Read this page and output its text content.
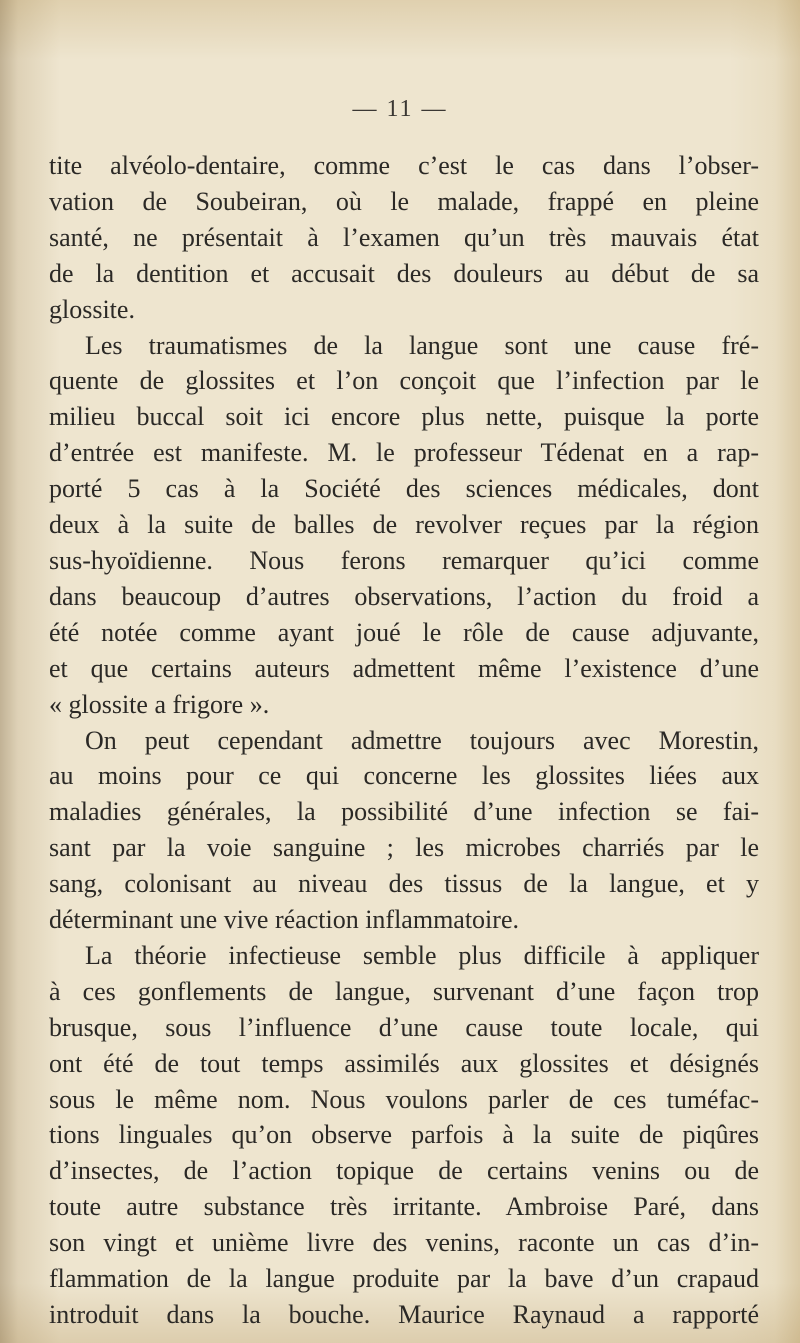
— 11 —
tite alvéolo-dentaire, comme c’est le cas dans l’obser-
vation de Soubeiran, où le malade, frappé en pleine
santé, ne présentait à l’examen qu’un très mauvais état
de la dentition et accusait des douleurs au début de sa
glossite.
Les traumatismes de la langue sont une cause fré-
quente de glossites et l’on conçoit que l’infection par le
milieu buccal soit ici encore plus nette, puisque la porte
d’entrée est manifeste. M. le professeur Tédenat en a rap-
porté 5 cas à la Société des sciences médicales, dont
deux à la suite de balles de revolver reçues par la région
sus-hyoïdienne. Nous ferons remarquer qu’ici comme
dans beaucoup d’autres observations, l’action du froid a
été notée comme ayant joué le rôle de cause adjuvante,
et que certains auteurs admettent même l’existence d’une
« glossite a frigore ».
On peut cependant admettre toujours avec Morestin,
au moins pour ce qui concerne les glossites liées aux
maladies générales, la possibilité d’une infection se fai-
sant par la voie sanguine ; les microbes charriés par le
sang, colonisant au niveau des tissus de la langue, et y
déterminant une vive réaction inflammatoire.
La théorie infectieuse semble plus difficile à appliquer
à ces gonflements de langue, survenant d’une façon trop
brusque, sous l’influence d’une cause toute locale, qui
ont été de tout temps assimilés aux glossites et désignés
sous le même nom. Nous voulons parler de ces tuméfac-
tions linguales qu’on observe parfois à la suite de piqûres
d’insectes, de l’action topique de certains venins ou de
toute autre substance très irritante. Ambroise Paré, dans
son vingt et unième livre des venins, raconte un cas d’in-
flammation de la langue produite par la bave d’un crapaud
introduit dans la bouche. Maurice Raynaud a rapporté
